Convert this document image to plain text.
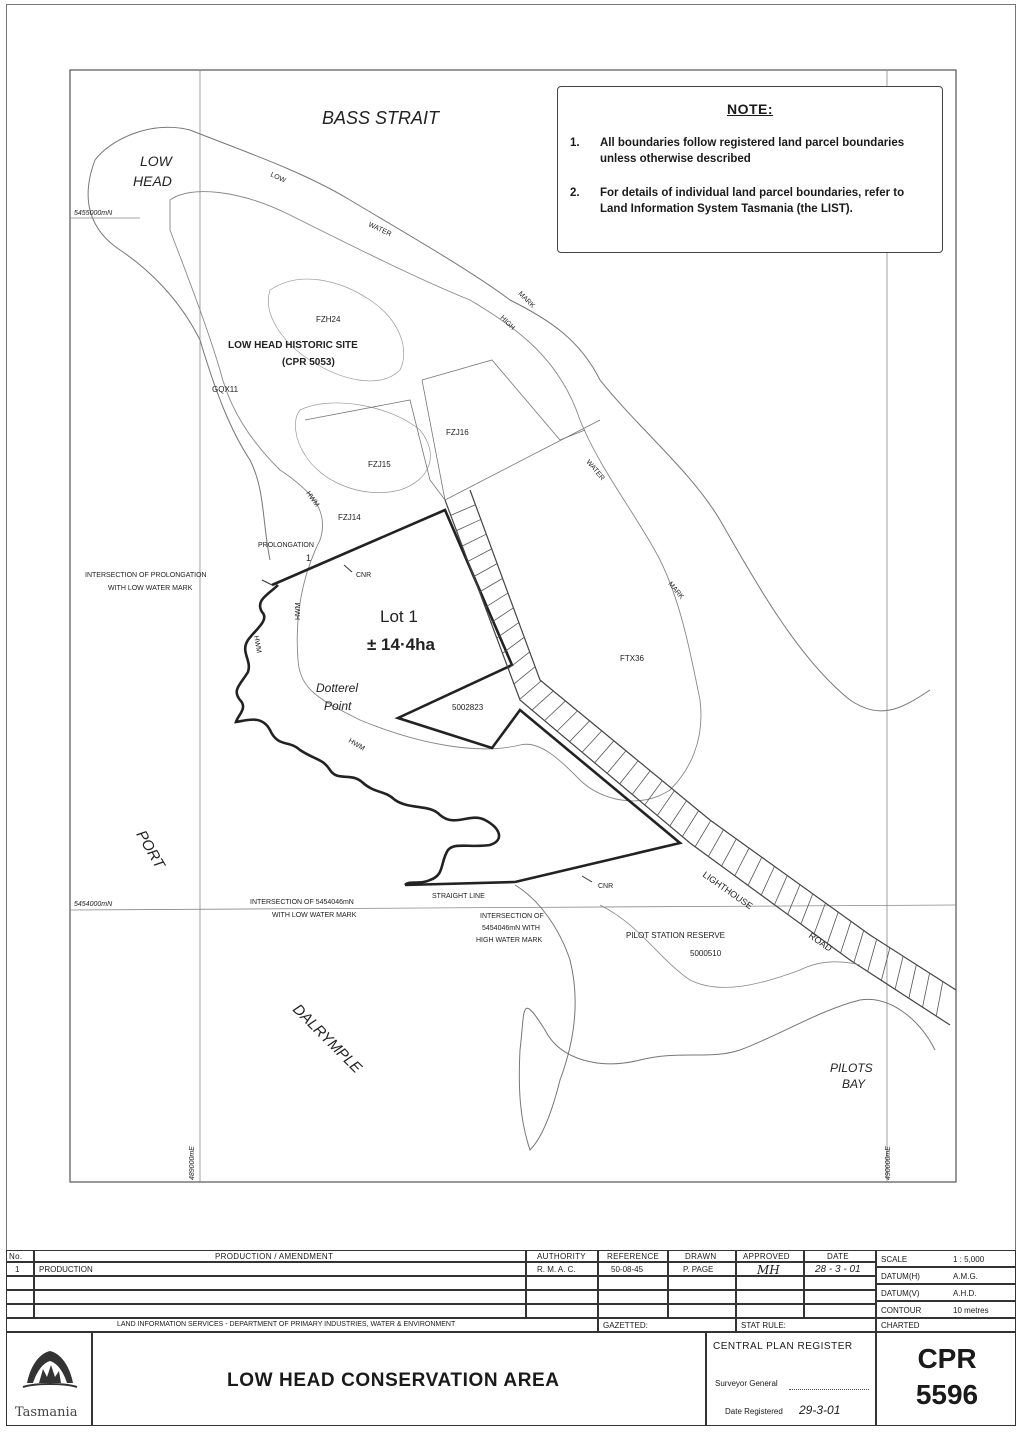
BASS STRAIT
LOW
HEAD	LOW
WATER
MARK
HIGH
WATER
MARK
5455000mN
5454000mN
489000mE	490000mE
FZH24
LOW HEAD HISTORIC SITE
(CPR 5053)
GQX11
FZJ16
FZJ15
FZJ14
HWM
HWM
HWM
PROLONGATION
1
INTERSECTION OF PROLONGATION
WITH LOW WATER MARK
CNR
Lot 1
± 14·4ha
Dotterel
Point	5002823
FTX36
HWM
PORT
DALRYMPLE
STRAIGHT LINE
CNR
INTERSECTION OF 5454046mN
WITH LOW WATER MARK	INTERSECTION OF
5454046mN WITH
HIGH WATER MARK
PILOT STATION RESERVE
5000510
LIGHTHOUSE
ROAD
PILOTS
BAY
NOTE:
1. All boundaries follow registered land parcel boundaries unless otherwise described
2. For details of individual land parcel boundaries, refer to Land Information System Tasmania (the LIST).
No.	PRODUCTION / AMENDMENT	AUTHORITY	REFERENCE	DRAWN	APPROVED	DATE
1 PRODUCTION	R. M. A. C.	50-08-45	P. PAGE	MH	28 - 3 - 01
LAND INFORMATION SERVICES - DEPARTMENT OF PRIMARY INDUSTRIES, WATER & ENVIRONMENT	GAZETTED:	STAT RULE:
SCALE	1 : 5,000
DATUM(H)	A.M.G.
DATUM(V)	A.H.D.
CONTOUR	10 metres
CHARTED
Tasmania
LOW HEAD CONSERVATION AREA
CENTRAL PLAN REGISTER
Surveyor General
Date Registered 29-3-01
CPR
5596
